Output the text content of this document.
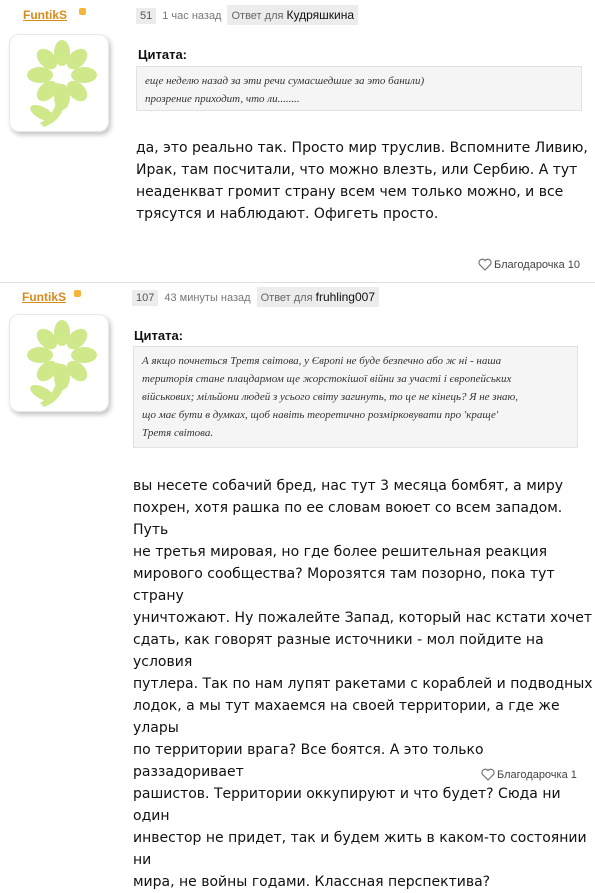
FuntikS	51 1 час назад Ответ для Кудряшкина
Цитата:
еще неделю назад за эти речи сумасшедшие за это банили)
прозрение приходит, что ли........
да, это реально так. Просто мир труслив. Вспомните Ливию,
Ирак, там посчитали, что можно влезть, или Сербию. А тут
неаденкват громит страну всем чем только можно, и все
трясутся и наблюдают. Офигеть просто.
Благодарочка 10
FuntikS	107 43 минуты назад Ответ для fruhling007
Цитата:
А якщо почнеться Третя світова, у Європі не буде безпечно або ж ні - наша
територія стане плацдармом ще жорстокішої війни за участі і європейських
військових; мільйони людей з усього світу загинуть, то це не кінець? Я не знаю,
що має бути в думках, щоб навіть теоретично розмірковувати про 'краще'
Третя світова.
вы несете собачий бред, нас тут 3 месяца бомбят, а миру
похрен, хотя рашка по ее словам воюет со всем западом. Путь
не третья мировая, но где более решительная реакция
мирового сообщества? Морозятся там позорно, пока тут страну
уничтожают. Ну пожалейте Запад, который нас кстати хочет
сдать, как говорят разные источники - мол пойдите на условия
путлера. Так по нам лупят ракетами с кораблей и подводных
лодок, а мы тут махаемся на своей территории, а где же улары
по территории врага? Все боятся. А это только раззадоривает
рашистов. Территории оккупируют и что будет? Сюда ни один
инвестор не придет, так и будем жить в каком-то состоянии ни
мира, не войны годами. Классная перспектива?
Благодарочка 1
